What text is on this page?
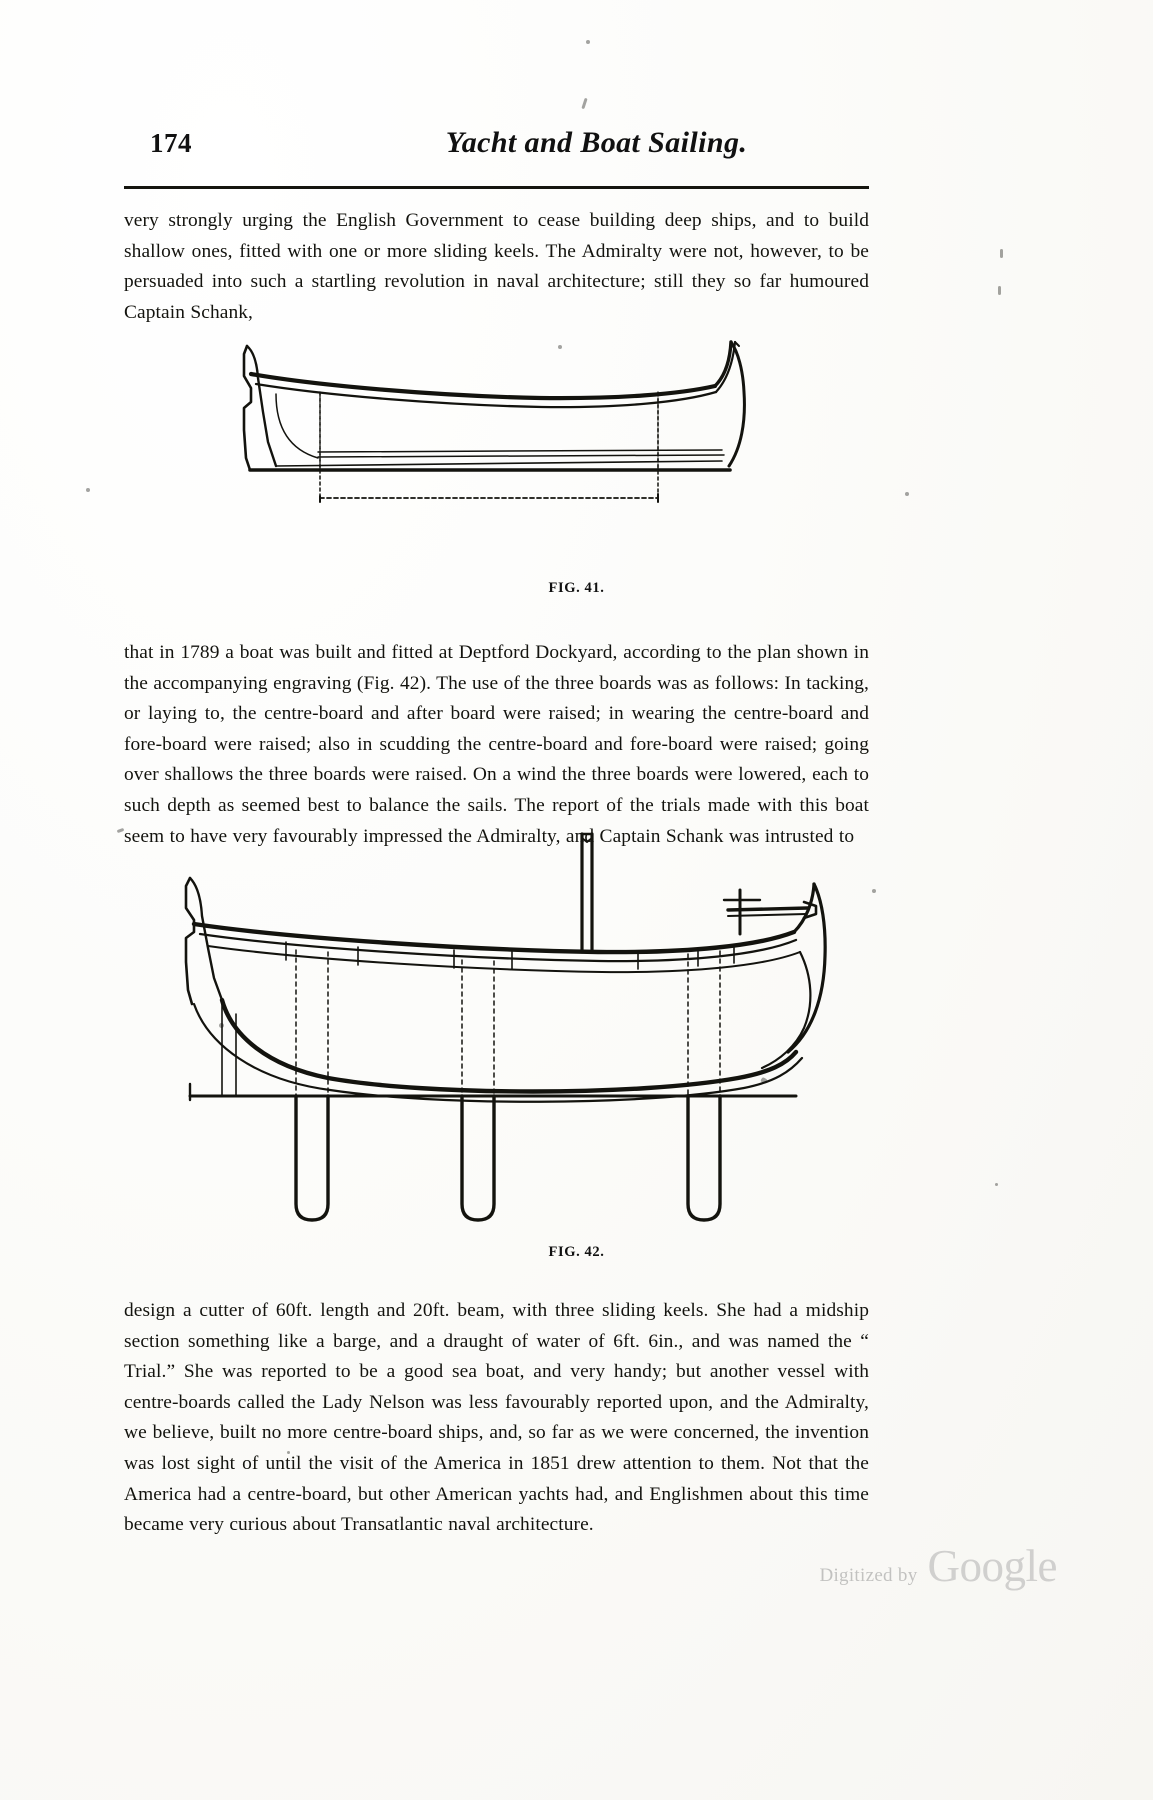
174	Yacht and Boat Sailing.

very strongly urging the English Government to cease building deep ships, and to build shallow ones, fitted with one or more sliding keels. The Admiralty were not, however, to be persuaded into such a startling revolution in naval architecture; still they so far humoured Captain Schank,

FIG. 41.

that in 1789 a boat was built and fitted at Deptford Dockyard, according to the plan shown in the accompanying engraving (Fig. 42). The use of the three boards was as follows: In tacking, or laying to, the centre-board and after board were raised; in wearing the centre-board and fore-board were raised; also in scudding the centre-board and fore-board were raised; going over shallows the three boards were raised. On a wind the three boards were lowered, each to such depth as seemed best to balance the sails. The report of the trials made with this boat seem to have very favourably impressed the Admiralty, and Captain Schank was intrusted to

FIG. 42.

design a cutter of 60ft. length and 20ft. beam, with three sliding keels. She had a midship section something like a barge, and a draught of water of 6ft. 6in., and was named the “ Trial.” She was reported to be a good sea boat, and very handy; but another vessel with centre-boards called the Lady Nelson was less favourably reported upon, and the Admiralty, we believe, built no more centre-board ships, and, so far as we were concerned, the invention was lost sight of until the visit of the America in 1851 drew attention to them. Not that the America had a centre-board, but other American yachts had, and Englishmen about this time became very curious about Transatlantic naval architecture.

Digitized by Google
